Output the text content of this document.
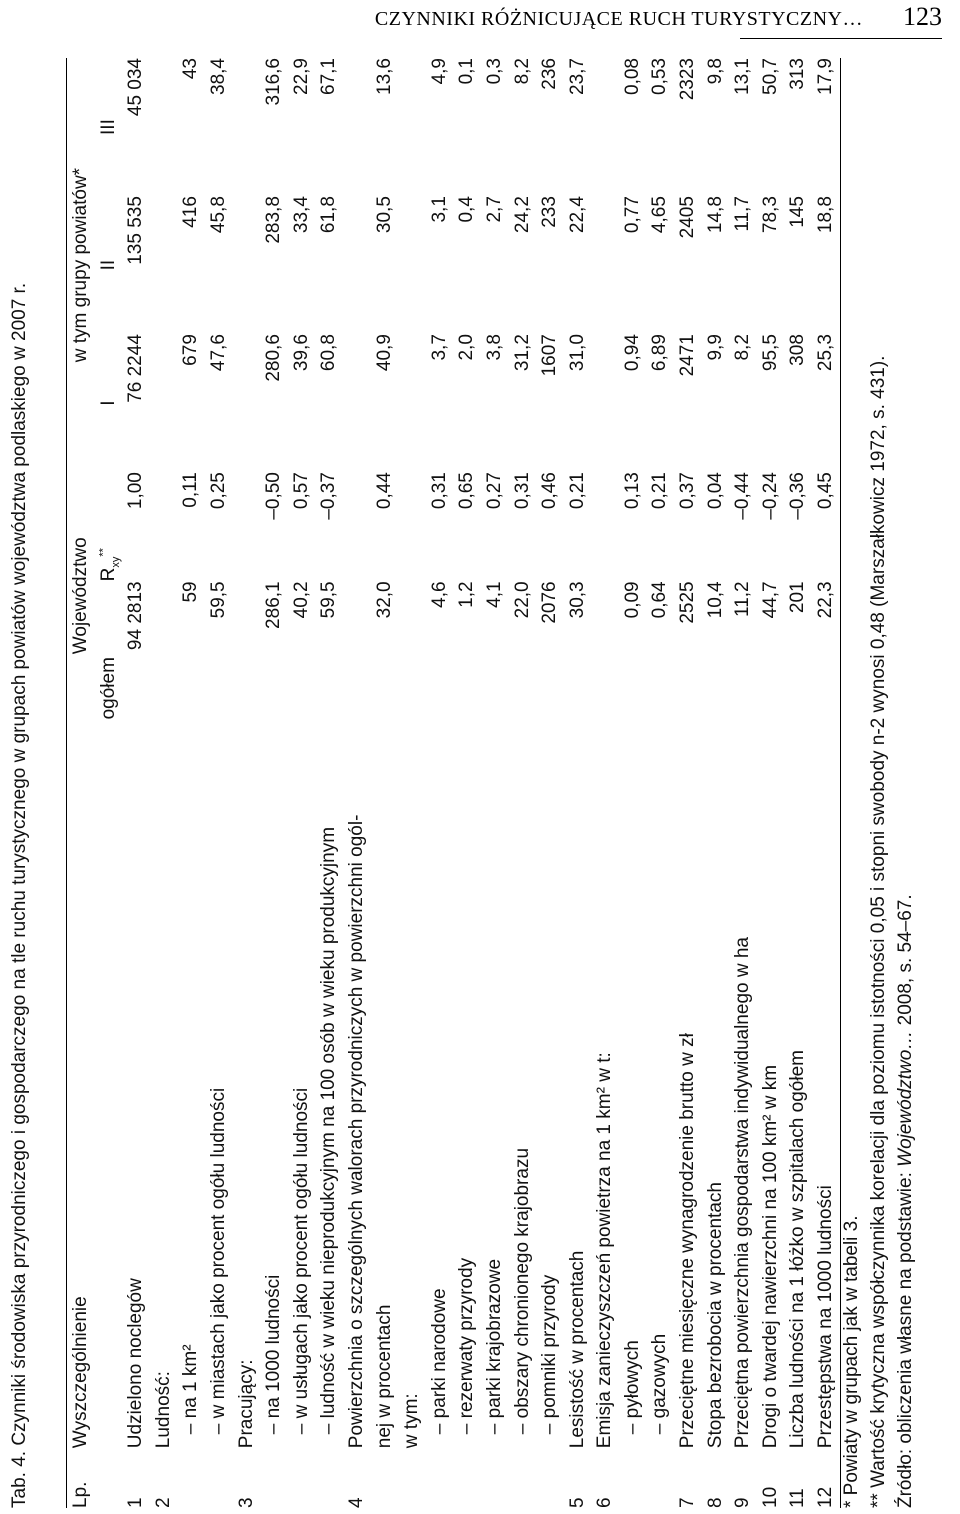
CZYNNIKI RÓŻNICUJĄCE RUCH TURYSTYCZNY… 123
Tab. 4. Czynniki środowiska przyrodniczego i gospodarczego na tle ruchu turystycznego w grupach powiatów województwa podlaskiego w 2007 r. Lp.	Wyszczególnienie	Województwo		w tym grupy powiatów*		
		ogółem	$R_{xy}^{**}$	I	II	III
1	Udzielono noclegów	94 2813	1,00	76 2244	135 535	45 034
2	Ludność:					
	– na 1 km²	59	0,11	679	416	43
	– w miastach jako procent ogółu ludności	59,5	0,25	47,6	45,8	38,4
3	Pracujący:					
	– na 1000 ludności	286,1	–0,50	280,6	283,8	316,6
	– w usługach jako procent ogółu ludności	40,2	0,57	39,6	33,4	22,9
	– ludność w wieku nieprodukcyjnym na 100 osób w wieku produkcyjnym	59,5	–0,37	60,8	61,8	67,1
4	Powierzchnia o szczególnych walorach przyrodniczych w powierzchni ogól-					
	nej w procentach	32,0	0,44	40,9	30,5	13,6
	w tym:					
	– parki narodowe	4,6	0,31	3,7	3,1	4,9
	– rezerwaty przyrody	1,2	0,65	2,0	0,4	0,1
	– parki krajobrazowe	4,1	0,27	3,8	2,7	0,3
	– obszary chronionego krajobrazu	22,0	0,31	31,2	24,2	8,2
	– pomniki przyrody	2076	0,46	1607	233	236
5	Lesistość w procentach	30,3	0,21	31,0	22,4	23,7
6	Emisja zanieczyszczeń powietrza na 1 km² w t:					
	– pyłowych	0,09	0,13	0,94	0,77	0,08
	– gazowych	0,64	0,21	6,89	4,65	0,53
7	Przeciętne miesięczne wynagrodzenie brutto w zł	2525	0,37	2471	2405	2323
8	Stopa bezrobocia w procentach	10,4	0,04	9,9	14,8	9,8
9	Przeciętna powierzchnia gospodarstwa indywidualnego w ha	11,2	–0,44	8,2	11,7	13,1
10	Drogi o twardej nawierzchni na 100 km² w km	44,7	–0,24	95,5	78,3	50,7
11	Liczba ludności na 1 łóżko w szpitalach ogółem	201	–0,36	308	145	313
12	Przestępstwa na 1000 ludności	22,3	0,45	25,3	18,8	17,9
* Powiaty w grupach jak w tabeli 3. ** Wartość krytyczna współczynnika korelacji dla poziomu istotności 0,05 i stopni swobody n-2 wynosi 0,48 (Marszałkowicz 1972, s. 431). Źródło: obliczenia własne na podstawie: Województwo… 2008, s. 54–67.
